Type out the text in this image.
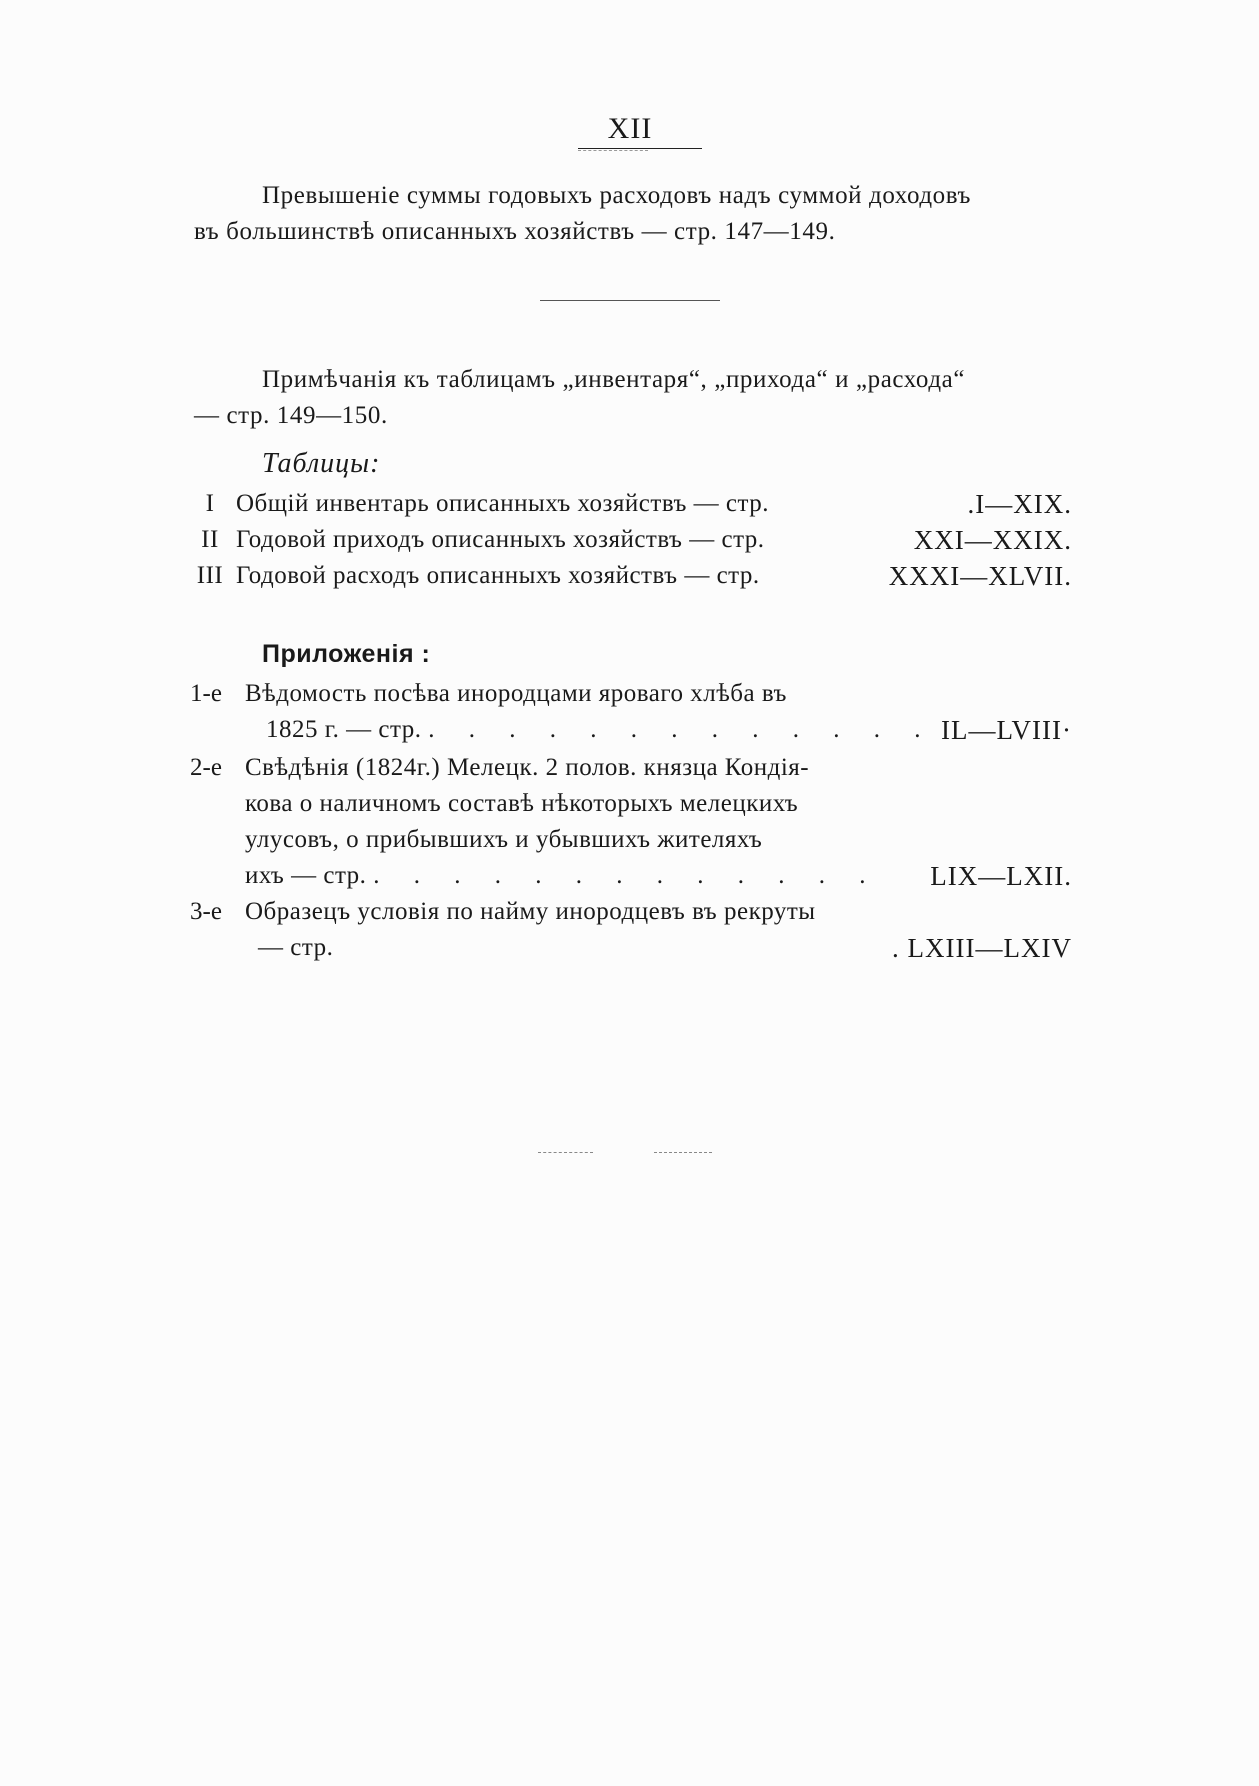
XII
Превышеніе суммы годовыхъ расходовъ надъ суммой доходовъ
въ большинствѣ описанныхъ хозяйствъ — стр. 147—149.
Примѣчанія къ таблицамъ „инвентаря“, „прихода“ и „расхода“
— стр. 149—150.
Таблицы:
I Общій инвентарь описанныхъ хозяйствъ — стр.	.I—XIX.
II Годовой приходъ описанныхъ хозяйствъ — стр.	XXI—XXIX.
III Годовой расходъ описанныхъ хозяйствъ — стр.	XXXI—XLVII.
Приложенія :
1-е Вѣдомость посѣва инородцами яроваго хлѣба въ
1825 г. — стр. . . . . . . . . . . . . . IL—LVIII·
2-е Свѣдѣнія (1824г.) Мелецк. 2 полов. князца Кондія-
кова о наличномъ составѣ нѣкоторыхъ мелецкихъ
улусовъ, о прибывшихъ и убывшихъ жителяхъ
ихъ — стр. . . . . . . . . . . . . . LIX—LXII.
3-е Образецъ условія по найму инородцевъ въ рекруты
— стр.	. LXIII—LXIV
